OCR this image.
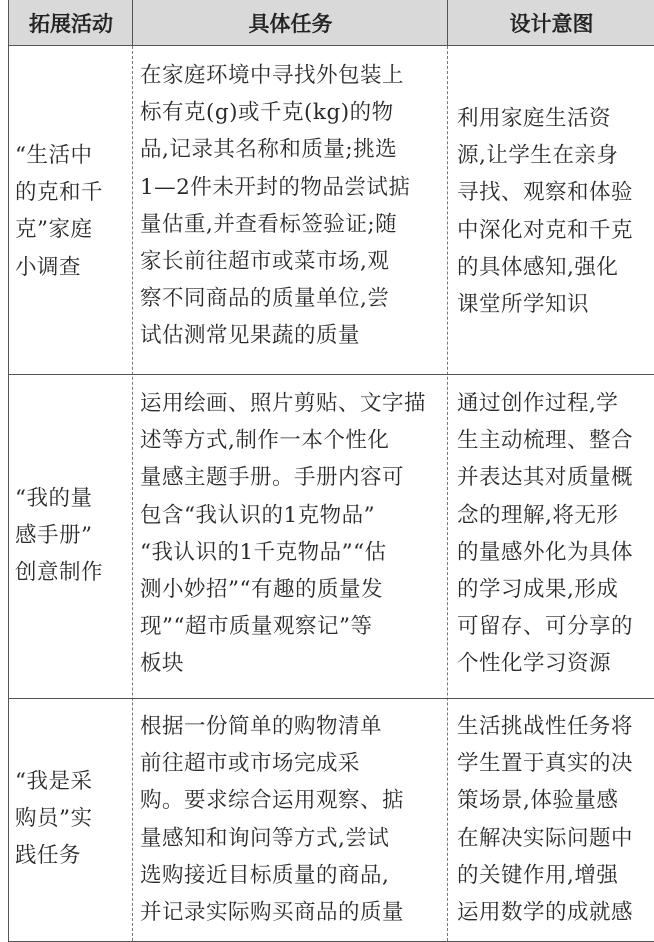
拓展活动	具体任务	设计意图
“生活中
的克和千
克”家庭
小调查
在家庭环境中寻找外包装上
标有克(g)或千克(kg)的物
品,记录其名称和质量;挑选
1—2件未开封的物品尝试掂
量估重,并查看标签验证;随
家长前往超市或菜市场,观
察不同商品的质量单位,尝
试估测常见果蔬的质量
利用家庭生活资
源,让学生在亲身
寻找、观察和体验
中深化对克和千克
的具体感知,强化
课堂所学知识
“我的量
感手册”
创意制作
运用绘画、照片剪贴、文字描
述等方式,制作一本个性化
量感主题手册。手册内容可
包含“我认识的1克物品”
“我认识的1千克物品”“估
测小妙招”“有趣的质量发
现”“超市质量观察记”等
板块
通过创作过程,学
生主动梳理、整合
并表达其对质量概
念的理解,将无形
的量感外化为具体
的学习成果,形成
可留存、可分享的
个性化学习资源
“我是采
购员”实
践任务
根据一份简单的购物清单
前往超市或市场完成采
购。要求综合运用观察、掂
量感知和询问等方式,尝试
选购接近目标质量的商品,
并记录实际购买商品的质量
生活挑战性任务将
学生置于真实的决
策场景,体验量感
在解决实际问题中
的关键作用,增强
运用数学的成就感
